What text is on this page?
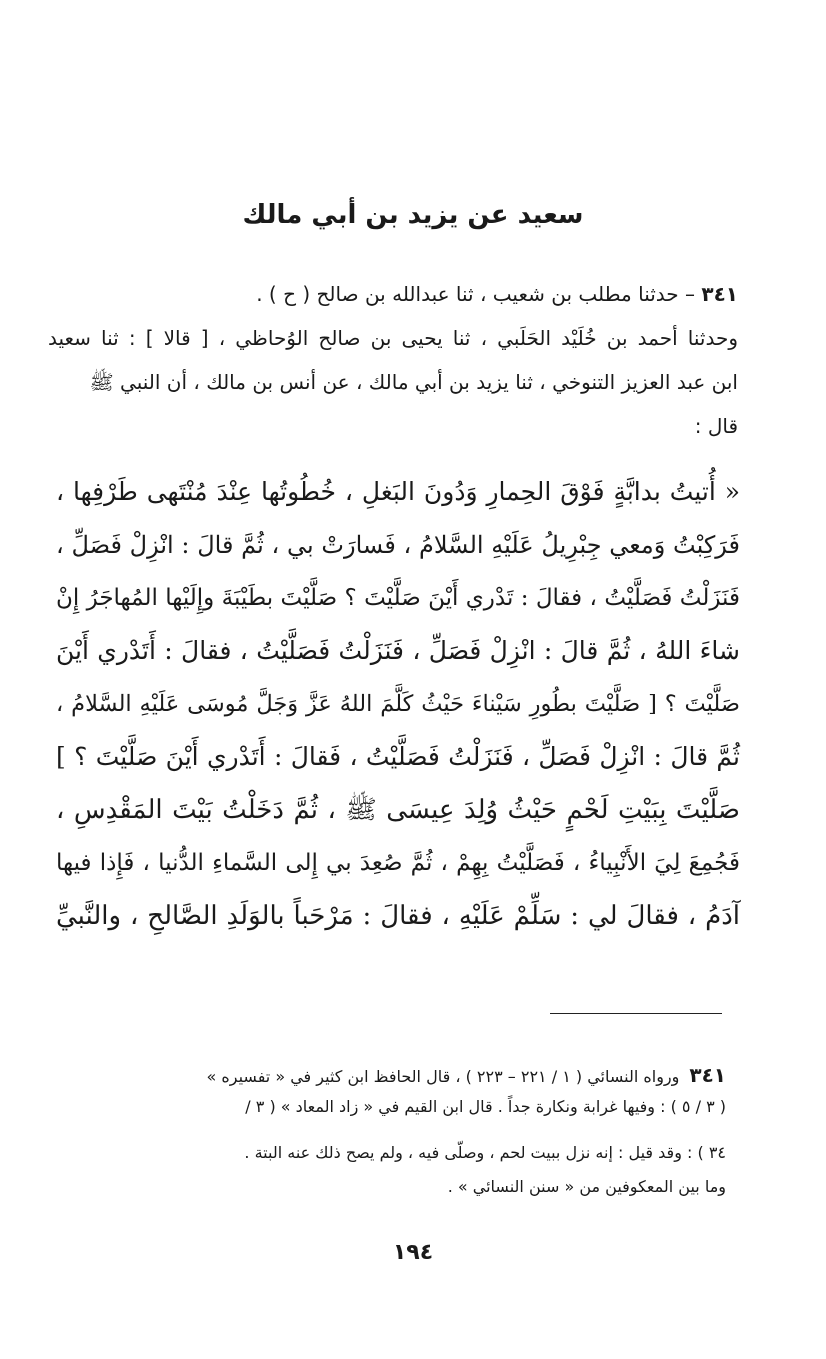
سعيد عن يزيد بن أبي مالك
٣٤١ – حدثنا مطلب بن شعيب ، ثنا عبدالله بن صالح ( ح ) .
وحدثنا أحمد بن خُلَيْد الحَلَبي ، ثنا يحيى بن صالح الوُحاظي ، [ قالا ] : ثنا سعيد
ابن عبد العزيز التنوخي ، ثنا يزيد بن أبي مالك ، عن أنس بن مالك ، أن النبي ﷺ
قال :
« أُتيتُ بدابَّةٍ فَوْقَ الحِمارِ وَدُونَ البَغلِ ، خُطُوتُها عِنْدَ مُنْتَهى طَرْفِها ،
فَرَكِبْتُ وَمعي جِبْرِيلُ عَلَيْهِ السَّلامُ ، فَسارَتْ بي ، ثُمَّ قالَ : انْزِلْ فَصَلِّ ،
فَنَزَلْتُ فَصَلَّيْتُ ، فقالَ : تَدْري أَيْنَ صَلَّيْتَ ؟ صَلَّيْتَ بطَيْبَةَ وإِلَيْها المُهاجَرُ إِنْ
شاءَ اللهُ ، ثُمَّ قالَ : انْزِلْ فَصَلِّ ، فَنَزَلْتُ فَصَلَّيْتُ ، فقالَ : أَتَدْري أَيْنَ
صَلَّيْتَ ؟ [ صَلَّيْتَ بطُورِ سَيْناءَ حَيْثُ كَلَّمَ اللهُ عَزَّ وَجَلَّ مُوسَى عَلَيْهِ السَّلامُ ،
ثُمَّ قالَ : انْزِلْ فَصَلِّ ، فَنَزَلْتُ فَصَلَّيْتُ ، فَقالَ : أَتَدْري أَيْنَ صَلَّيْتَ ؟ ]
صَلَّيْتَ بِبَيْتِ لَحْمٍ حَيْثُ وُلِدَ عِيسَى ﷺ ، ثُمَّ دَخَلْتُ بَيْتَ المَقْدِسِ ،
فَجُمِعَ لِيَ الأَنْبِياءُ ، فَصَلَّيْتُ بِهِمْ ، ثُمَّ صُعِدَ بي إِلى السَّماءِ الدُّنيا ، فَإِذا فيها
آدَمُ ، فقالَ لي : سَلِّمْ عَلَيْهِ ، فقالَ : مَرْحَباً بالوَلَدِ الصَّالحِ ، والنَّبيِّ
٣٤١ورواه النسائي ( ١ / ٢٢١ – ٢٢٣ ) ، قال الحافظ ابن كثير في « تفسيره »
( ٣ / ٥ ) : وفيها غرابة ونكارة جداً . قال ابن القيم في « زاد المعاد » ( ٣ /
٣٤ ) : وقد قيل : إنه نزل ببيت لحم ، وصلّى فيه ، ولم يصح ذلك عنه البتة .
وما بين المعكوفين من « سنن النسائي » .
١٩٤
